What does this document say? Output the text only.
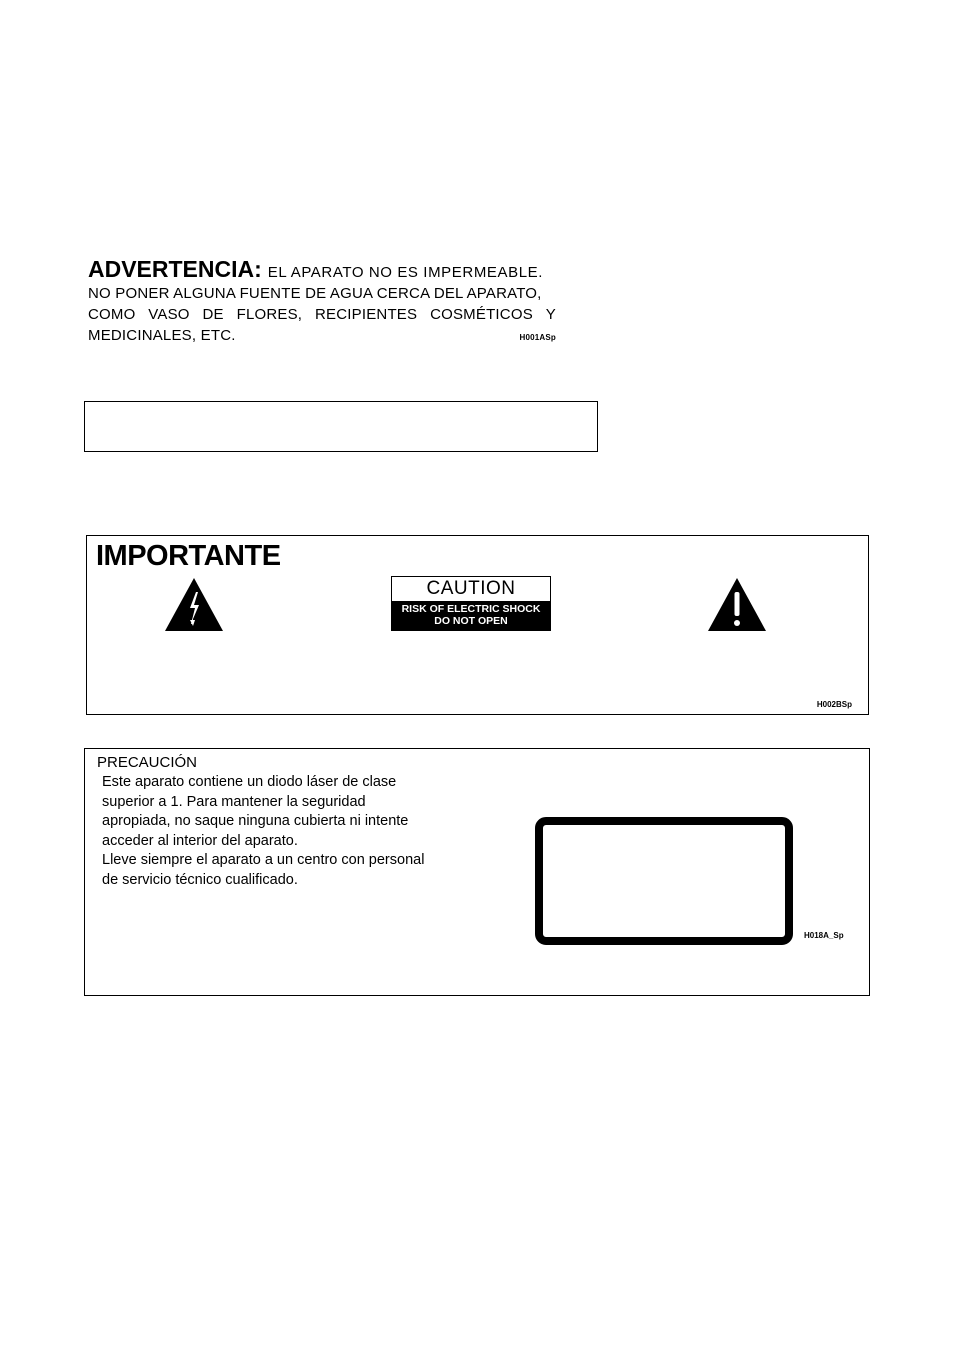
ADVERTENCIA: EL APARATO NO ES IMPERMEABLE.
NO PONER ALGUNA FUENTE DE AGUA CERCA DEL APARATO,
COMO VASO DE FLORES, RECIPIENTES COSMÉTICOS Y
MEDICINALES, ETC.	H001ASp
IMPORTANTE
CAUTION
RISK OF ELECTRIC SHOCK
DO NOT OPEN
H002BSp
PRECAUCIÓN
Este aparato contiene un diodo láser de clase
superior a 1. Para mantener la seguridad
apropiada, no saque ninguna cubierta ni intente
acceder al interior del aparato.
Lleve siempre el aparato a un centro con personal
de servicio técnico cualificado.
H018A_Sp
